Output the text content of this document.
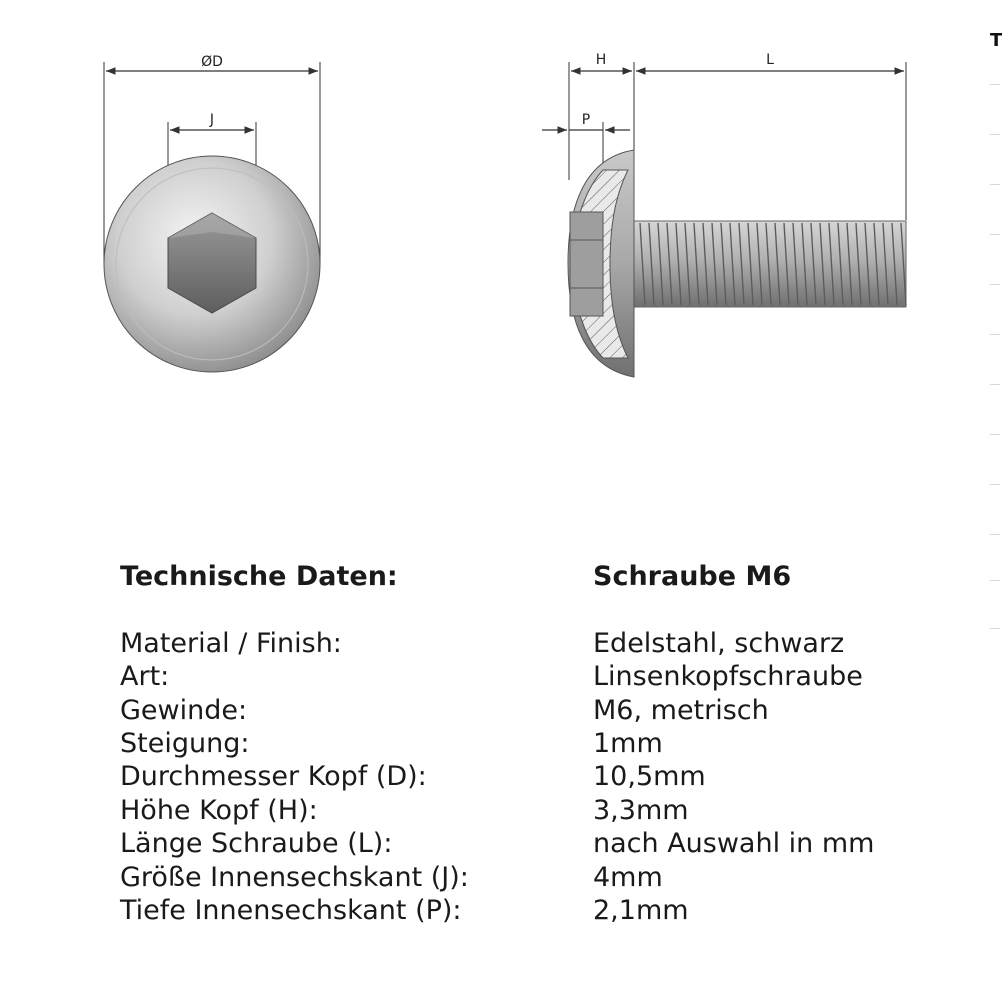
ØD
J
H	L
P
T
Technische Daten:	Schraube M6
Material / Finish:	Edelstahl, schwarz
Art:	Linsenkopfschraube
Gewinde:	M6, metrisch
Steigung:	1mm
Durchmesser Kopf (D):	10,5mm
Höhe Kopf (H):	3,3mm
Länge Schraube (L):	nach Auswahl in mm
Größe Innensechskant (J):	4mm
Tiefe Innensechskant (P):	2,1mm
